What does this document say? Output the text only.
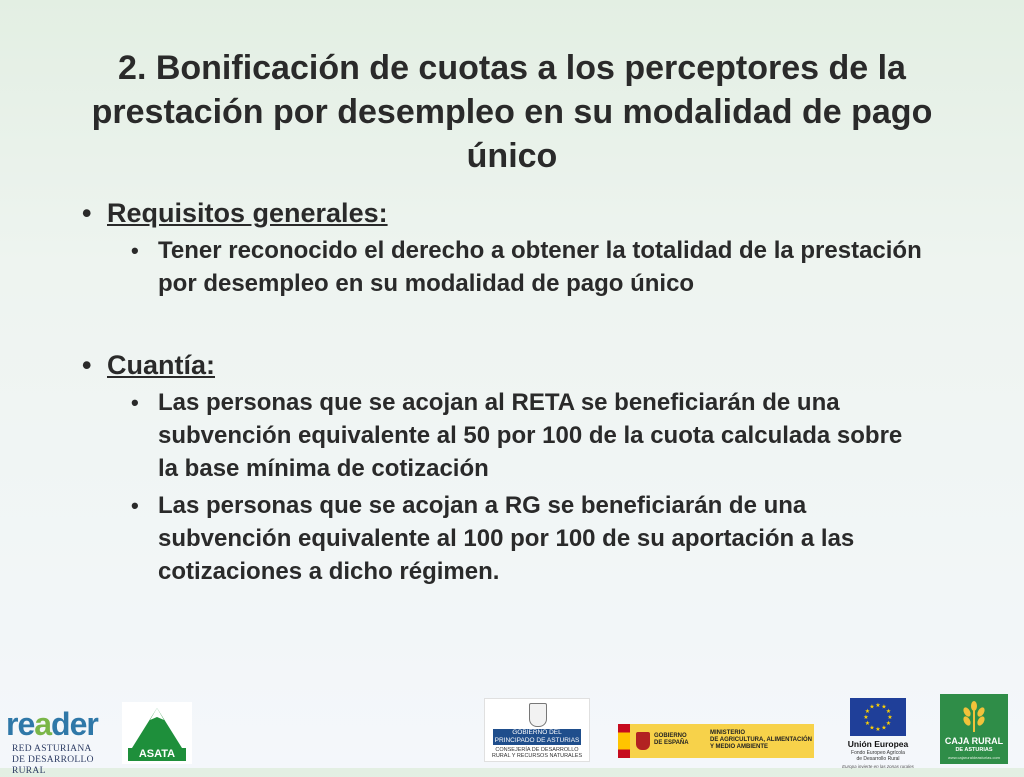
2. Bonificación de cuotas a los perceptores de la prestación por desempleo en su modalidad de pago único
• Requisitos generales:
• Tener reconocido el derecho a obtener la totalidad de la prestación por desempleo en su modalidad de pago único
• Cuantía:
• Las personas que se acojan al RETA se beneficiarán de una subvención equivalente al 50 por 100 de la cuota calculada sobre la base mínima de cotización
• Las personas que se acojan a RG se beneficiarán de una subvención equivalente al 100 por 100 de su aportación a las cotizaciones a dicho régimen.
reader
RED ASTURIANA
DE DESARROLLO RURAL
ASATA
GOBIERNO DEL
PRINCIPADO DE ASTURIAS
CONSEJERÍA DE DESARROLLO RURAL Y RECURSOS NATURALES
GOBIERNO
DE ESPAÑA
MINISTERIO
DE AGRICULTURA, ALIMENTACIÓN
Y MEDIO AMBIENTE
★ ★
★
★
★
★
★
★
★
★
★
★
Unión Europea
Fondo Europeo Agrícola
de Desarrollo Rural
Europa invierte en las zonas rurales
CAJA RURAL
DE ASTURIAS
www.cajaruraldeasturias.com
